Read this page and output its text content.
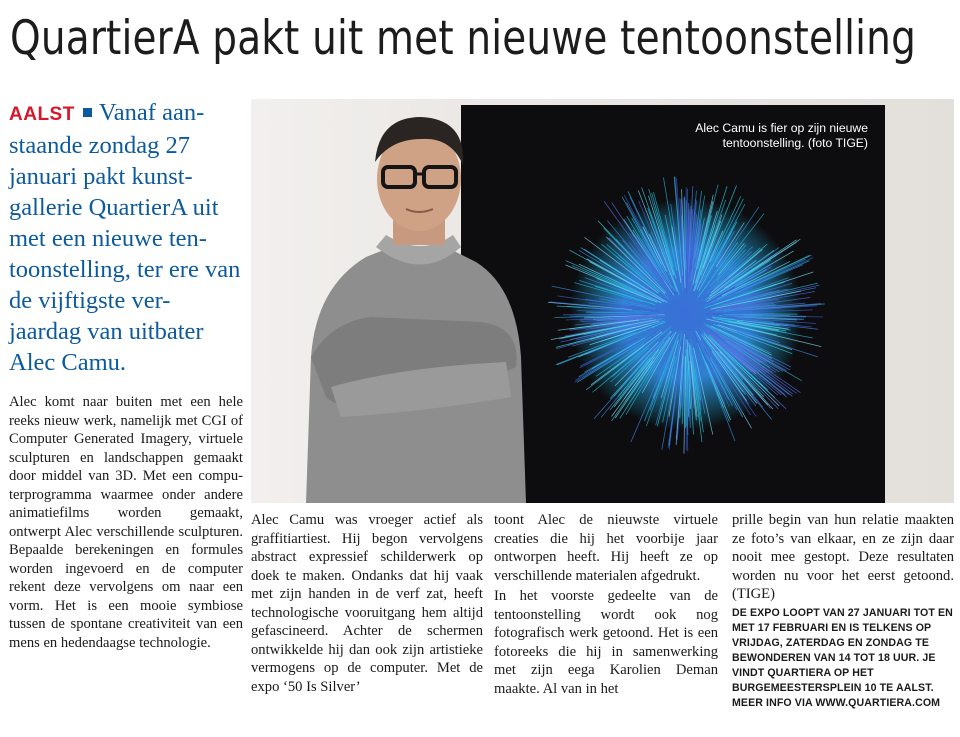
QuartierA pakt uit met nieuwe tentoonstelling
AALST Vanaf aan- staande zondag 27 januari pakt kunst- gallerie QuartierA uit met een nieuwe ten- toonstelling, ter ere van de vijftigste ver- jaardag van uitbater Alec Camu.
Alec Camu is fier op zijn nieuwe
tentoonstelling. (foto TIGE)

Alec komt naar buiten met een hele reeks nieuw werk, namelijk met CGI of Computer Generated Imagery, virtuele sculpturen en landschappen gemaakt door middel van 3D. Met een computerprogramma waarmee onder andere animatiefilms worden gemaakt, ontwerpt Alec verschillende sculpturen. Bepaalde berekeningen en formules worden ingevoerd en de computer rekent deze vervolgens om naar een vorm. Het is een mooie symbiose tussen de spontane creativiteit van een mens en hedendaagse technologie.

Alec Camu was vroeger actief als graffitiartiest. Hij begon vervolgens abstract expressief schilderwerk op doek te maken. Ondanks dat hij vaak met zijn handen in de verf zat, heeft technologische vooruitgang hem altijd gefascineerd. Achter de schermen ontwikkelde hij dan ook zijn artistieke vermogens op de computer. Met de expo ‘50 Is Silver’

toont Alec de nieuwste virtuele creaties die hij het voorbije jaar ontworpen heeft. Hij heeft ze op verschillende materialen afgedrukt.

In het voorste gedeelte van de tentoonstelling wordt ook nog fotografisch werk getoond. Het is een fotoreeks die hij in samenwerking met zijn eega Karolien Deman maakte. Al van in het

prille begin van hun relatie maakten ze foto’s van elkaar, en ze zijn daar nooit mee gestopt. Deze resultaten worden nu voor het eerst getoond. (TIGE)

DE EXPO LOOPT VAN 27 JANUARI TOT EN MET 17 FEBRUARI EN IS TELKENS OP VRIJDAG, ZATERDAG EN ZONDAG TE BEWONDEREN VAN 14 TOT 18 UUR. JE VINDT QUARTIERA OP HET BURGEMEESTERSPLEIN 10 TE AALST. MEER INFO VIA WWW.QUARTIERA.COM
